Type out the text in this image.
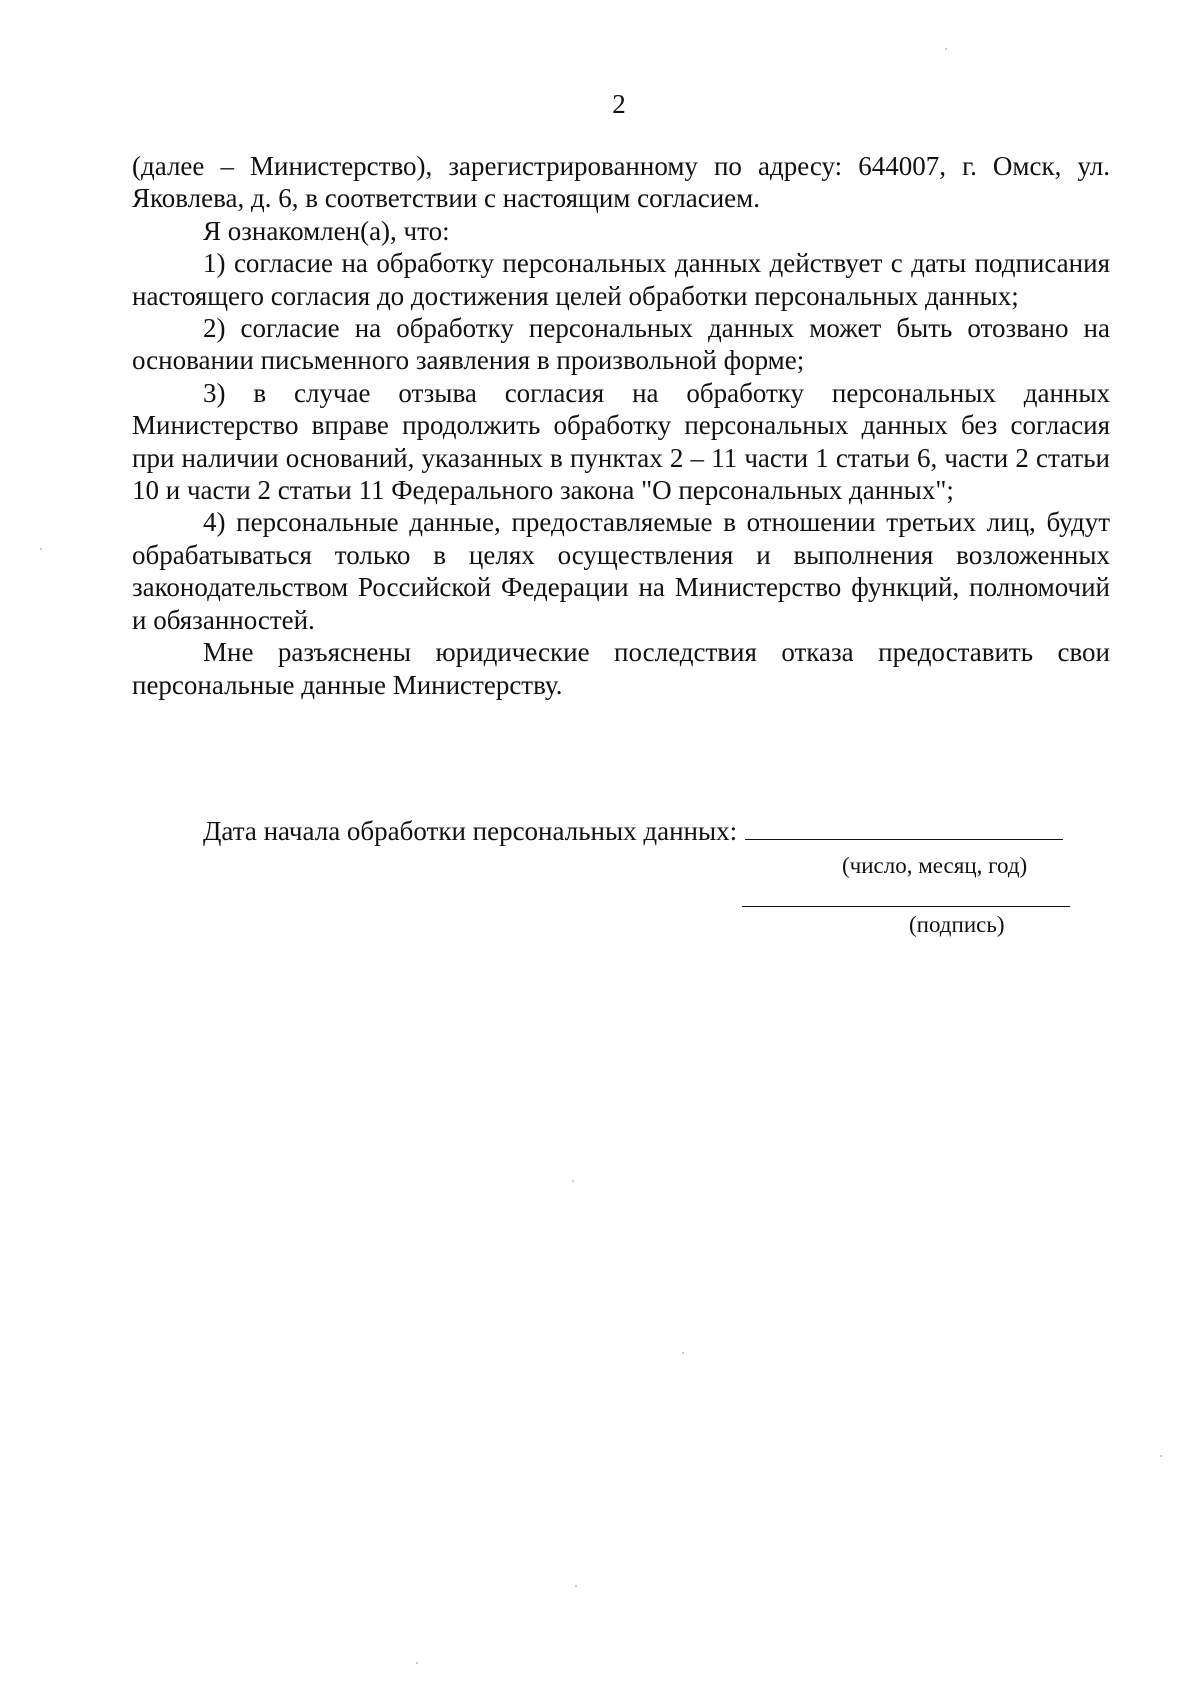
2

(далее – Министерство), зарегистрированному по адресу: 644007, г. Омск, ул. Яковлева, д. 6, в соответствии с настоящим согласием.

Я ознакомлен(а), что:

1) согласие на обработку персональных данных действует с даты подписания настоящего согласия до достижения целей обработки персональных данных;

2) согласие на обработку персональных данных может быть отозвано на основании письменного заявления в произвольной форме;

3) в случае отзыва согласия на обработку персональных данных Министерство вправе продолжить обработку персональных данных без согласия при наличии оснований, указанных в пунктах 2 – 11 части 1 статьи 6, части 2 статьи 10 и части 2 статьи 11 Федерального закона "О персональных данных";

4) персональные данные, предоставляемые в отношении третьих лиц, будут обрабатываться только в целях осуществления и выполнения возложенных законодательством Российской Федерации на Министерство функций, полномочий и обязанностей.

Мне разъяснены юридические последствия отказа предоставить свои персональные данные Министерству.

Дата начала обработки персональных данных:
(число, месяц, год)
(подпись)
